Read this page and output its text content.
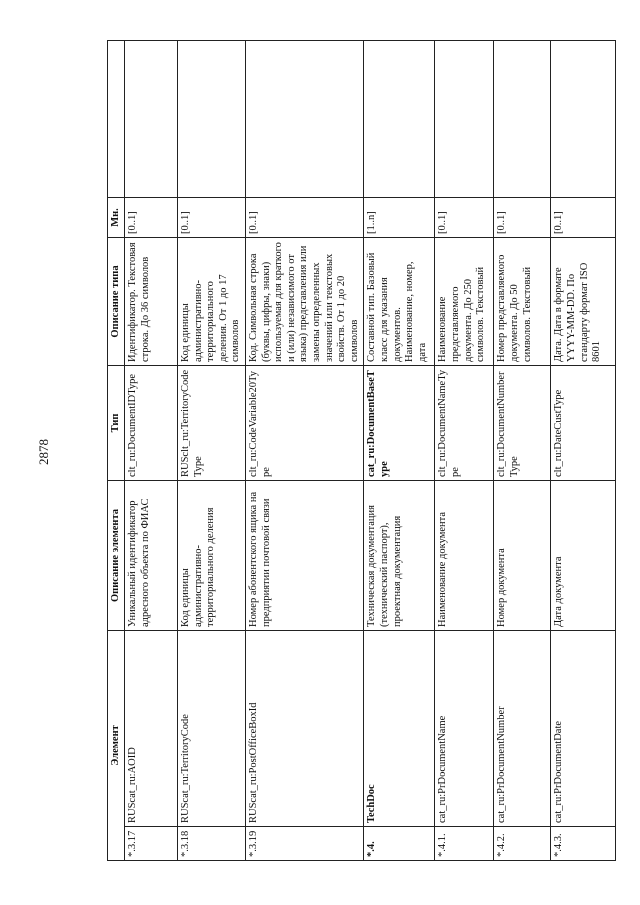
2878
Элемент		Описание элемента	Тип	Описание типа	Мн.	
*.3.17	RUScat_ru:AOID	Уникальный идентификатор адресного объекта по ФИАС	clt_ru:DocumentIDType	Идентификатор. Текстовая строка. До 36 символов	[0..1]	
*.3.18	RUScat_ru:TerritoryCode	Код единицы административно-территориального деления	RUSclt_ru:TerritoryCodeType	Код единицы административно-территориального деления. От 1 до 17 символов	[0..1]	
*.3.19	RUScat_ru:PostOfficeBoxId	Номер абонентского ящика на предприятии почтовой связи	clt_ru:CodeVariable20Type	Код. Символьная строка (буквы, цифры, знаки) используемая для краткого и (или) независимого от языка) представления или замены определенных значений или текстовых свойств. От 1 до 20 символов	[0..1]	
*.4.	TechDoc	Техническая документация (технический паспорт), проектная документация	cat_ru:DocumentBaseType	Составной тип. Базовый класс для указания документов. Наименование, номер, дата	[1..n]	
*.4.1.	cat_ru:PrDocumentName	Наименование документа	clt_ru:DocumentNameType	Наименование представляемого документа. До 250 символов. Текстовый	[0..1]	
*.4.2.	cat_ru:PrDocumentNumber	Номер документа	clt_ru:DocumentNumberType	Номер представляемого документа. До 50 символов. Текстовый	[0..1]	
*.4.3.	cat_ru:PrDocumentDate	Дата документа	clt_ru:DateCustType	Дата. Дата в формате YYYY-MM-DD. По стандарту формат ISO 8601	[0..1]	
